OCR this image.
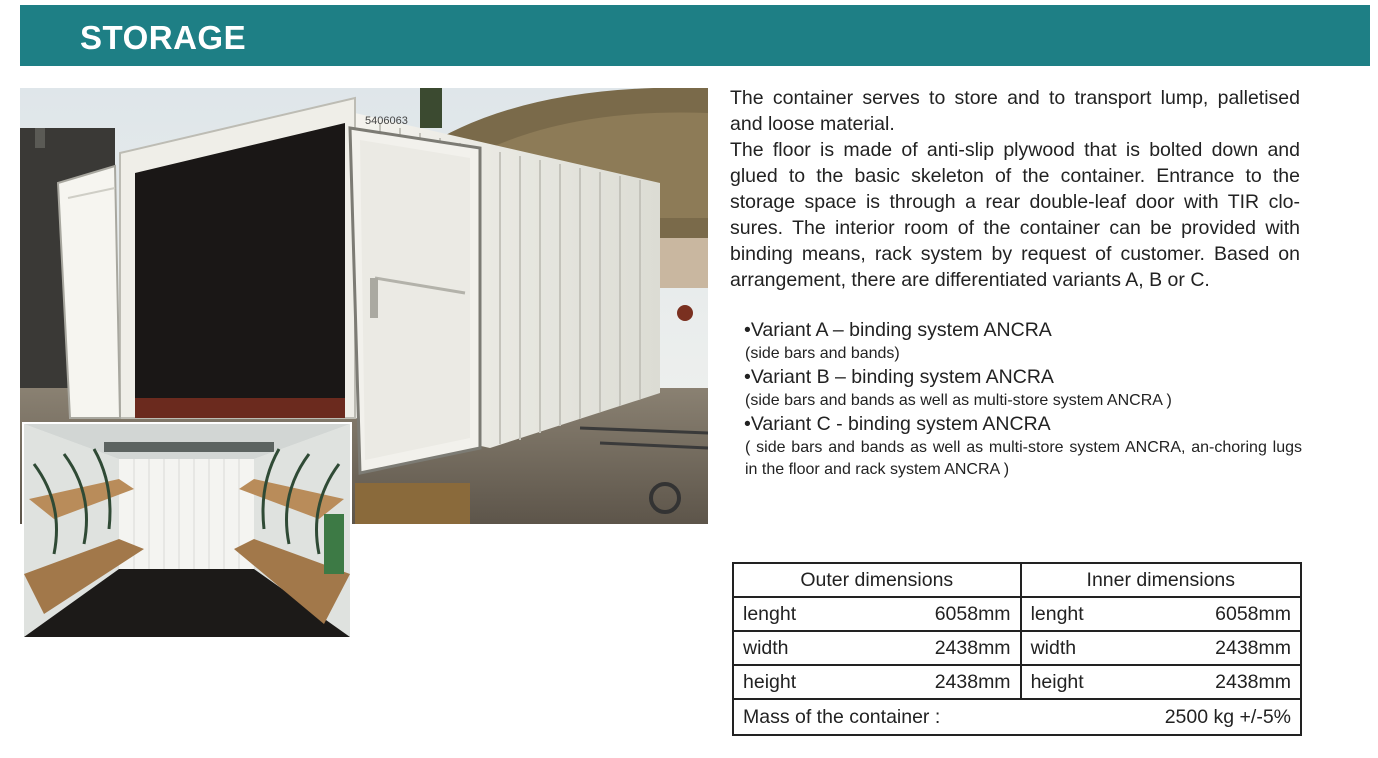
STORAGE
5406063

The container serves to store and to transport lump, palletised and loose material.

The floor is made of anti-slip plywood that is bolted down and glued to the basic skeleton of the container. Entrance to the storage space is through a rear double-leaf door with TIR clo-sures. The interior room of the container can be provided with binding means, rack system by request of customer. Based on arrangement, there are differentiated variants A, B or C.

•Variant A – binding system ANCRA
(side bars and bands)
•Variant B – binding system ANCRA
(side bars and bands as well as multi-store system ANCRA )
•Variant C - binding system ANCRA
( side bars and bands as well as multi-store system ANCRA, an-choring lugs in the floor and rack system ANCRA )
Outer dimensions		Inner dimensions	
lenght	6058mm	lenght	6058mm
width	2438mm	width	2438mm
height	2438mm	height	2438mm

Mass of the container : 2500 kg +/-5%			
